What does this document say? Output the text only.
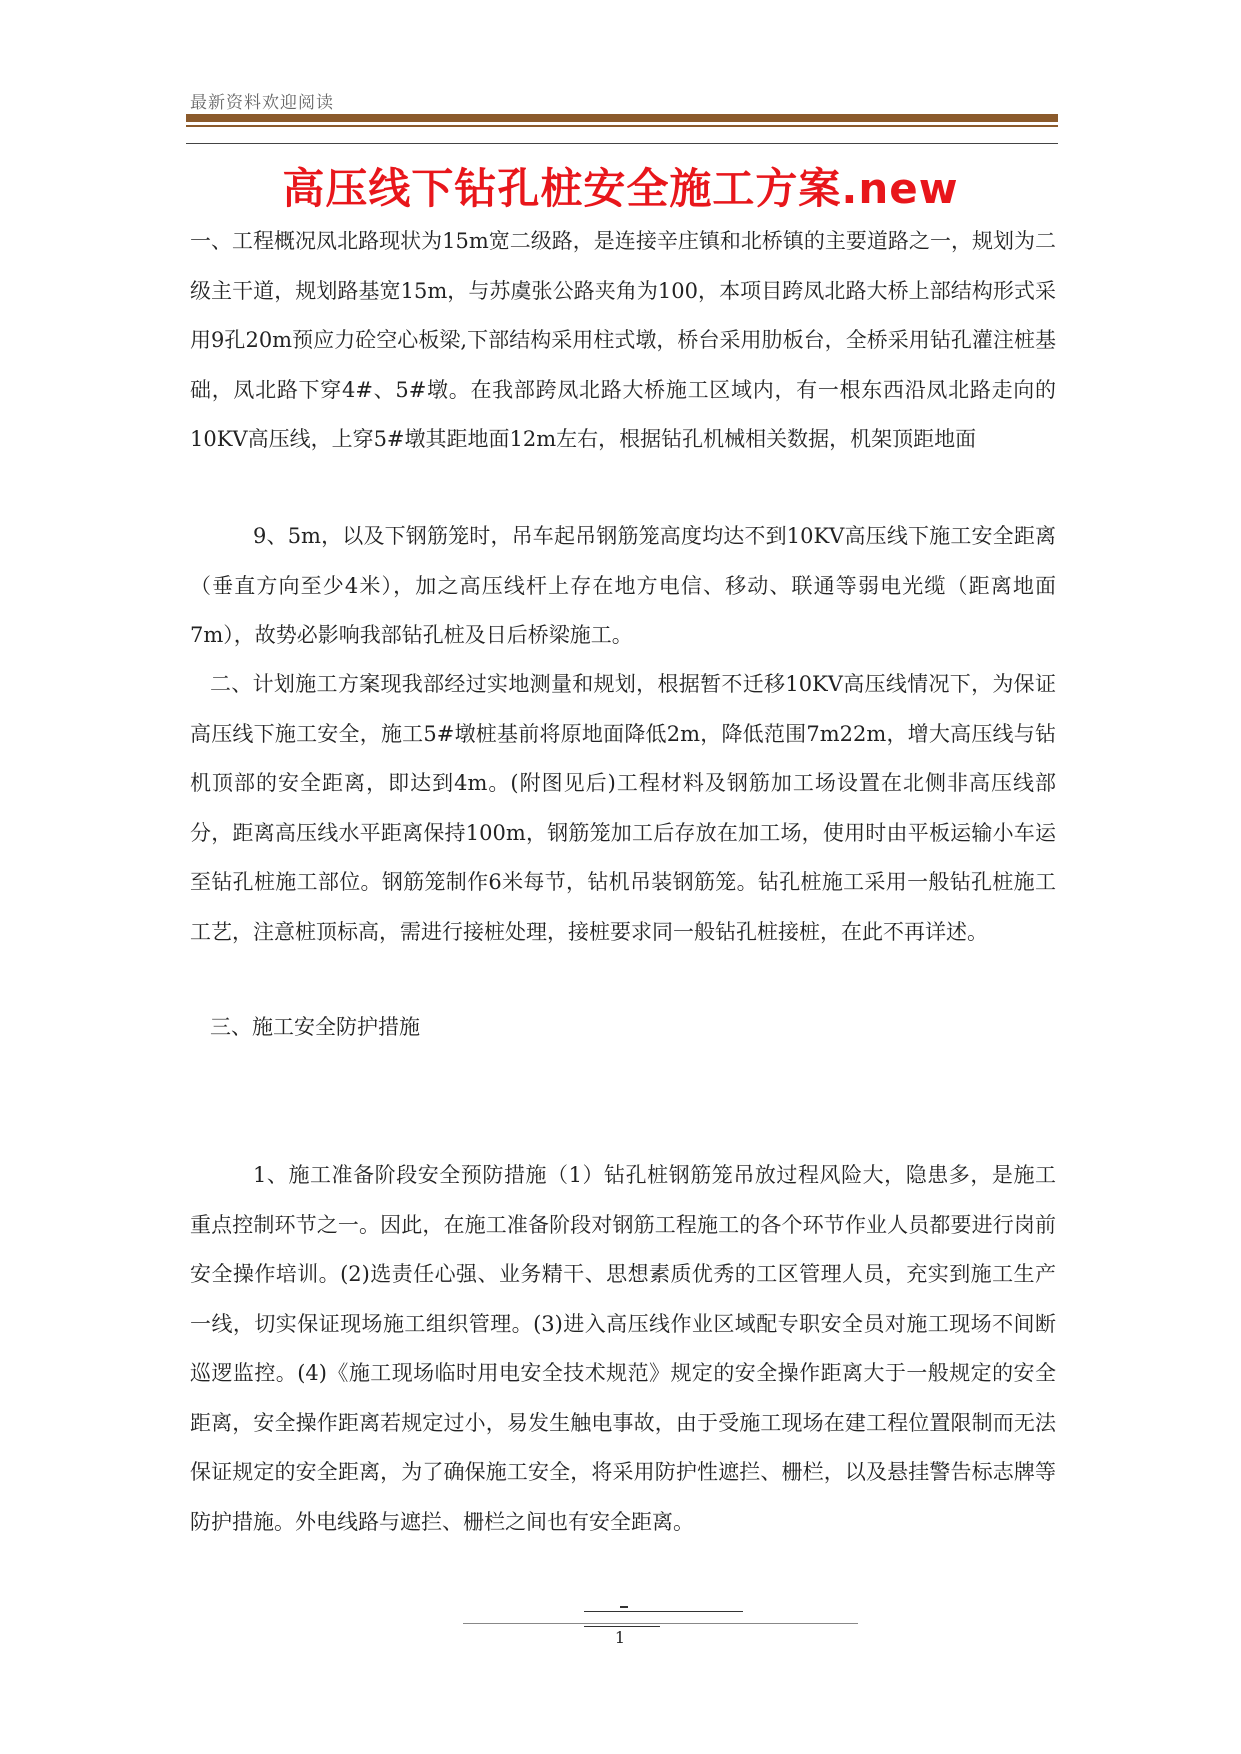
最新资料欢迎阅读
高压线下钻孔桩安全施工方案.new

一、工程概况凤北路现状为15m宽二级路，是连接辛庄镇和北桥镇的主要道路之一，规划为二级主干道，规划路基宽15m，与苏虞张公路夹角为100，本项目跨凤北路大桥上部结构形式采用9孔20m预应力砼空心板梁,下部结构采用柱式墩，桥台采用肋板台，全桥采用钻孔灌注桩基础，凤北路下穿4#、5#墩。在我部跨凤北路大桥施工区域内，有一根东西沿凤北路走向的10KV高压线，上穿5#墩其距地面12m左右，根据钻孔机械相关数据，机架顶距地面

9、5m，以及下钢筋笼时，吊车起吊钢筋笼高度均达不到10KV高压线下施工安全距离（垂直方向至少4米），加之高压线杆上存在地方电信、移动、联通等弱电光缆（距离地面7m），故势必影响我部钻孔桩及日后桥梁施工。

二、计划施工方案现我部经过实地测量和规划，根据暂不迁移10KV高压线情况下，为保证高压线下施工安全，施工5#墩桩基前将原地面降低2m，降低范围7m22m，增大高压线与钻机顶部的安全距离，即达到4m。(附图见后)工程材料及钢筋加工场设置在北侧非高压线部分，距离高压线水平距离保持100m，钢筋笼加工后存放在加工场，使用时由平板运输小车运至钻孔桩施工部位。钢筋笼制作6米每节，钻机吊装钢筋笼。钻孔桩施工采用一般钻孔桩施工工艺，注意桩顶标高，需进行接桩处理，接桩要求同一般钻孔桩接桩，在此不再详述。

三、施工安全防护措施

1、施工准备阶段安全预防措施（1）钻孔桩钢筋笼吊放过程风险大，隐患多，是施工重点控制环节之一。因此，在施工准备阶段对钢筋工程施工的各个环节作业人员都要进行岗前安全操作培训。(2)选责任心强、业务精干、思想素质优秀的工区管理人员，充实到施工生产一线，切实保证现场施工组织管理。(3)进入高压线作业区域配专职安全员对施工现场不间断巡逻监控。(4)《施工现场临时用电安全技术规范》规定的安全操作距离大于一般规定的安全距离，安全操作距离若规定过小，易发生触电事故，由于受施工现场在建工程位置限制而无法保证规定的安全距离，为了确保施工安全，将采用防护性遮拦、栅栏，以及悬挂警告标志牌等防护措施。外电线路与遮拦、栅栏之间也有安全距离。

1
